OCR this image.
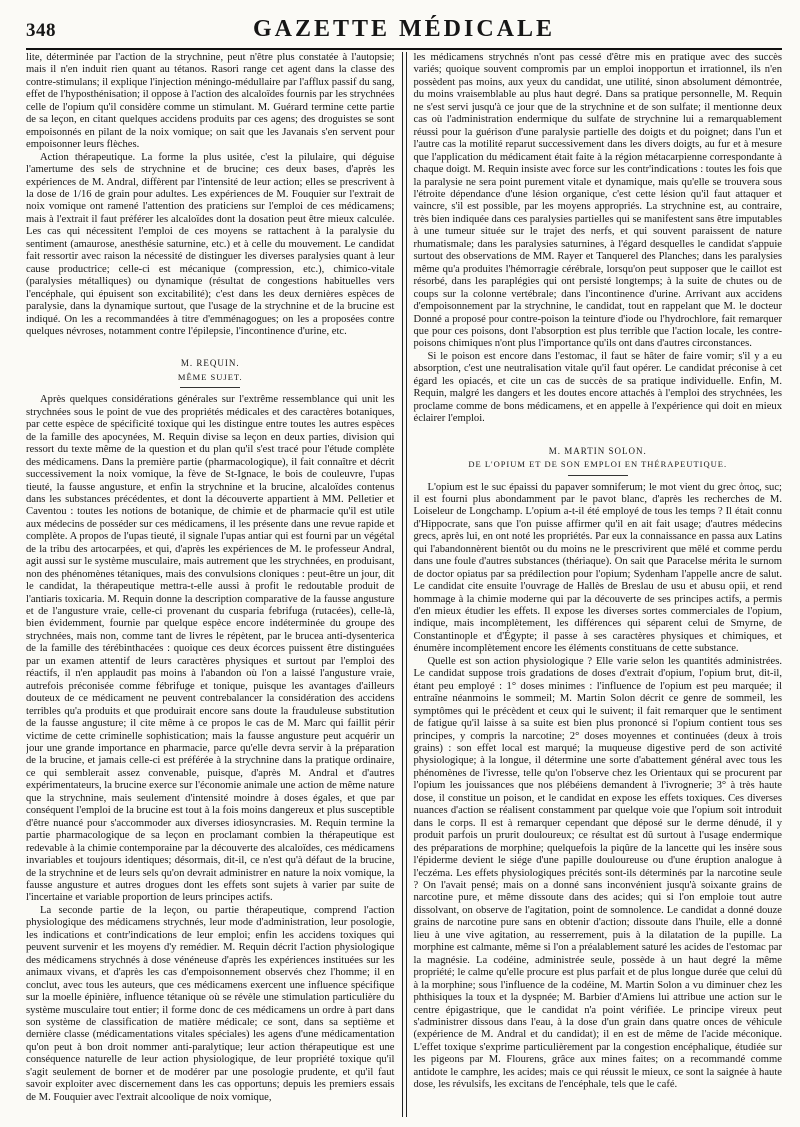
348	GAZETTE MÉDICALE

lite, déterminée par l'action de la strychnine, peut n'être plus constatée à l'autopsie; mais il n'en induit rien quant au tétanos. Rasori range cet agent dans la classe des contre-stimulans; il explique l'injection méningo-médullaire par l'afflux passif du sang, effet de l'hyposthénisation; il oppose à l'action des alcaloïdes fournis par les strychnées celle de l'opium qu'il considère comme un stimulant. M. Guérard termine cette partie de sa leçon, en citant quelques accidens produits par ces agens; des droguistes se sont empoisonnés en pilant de la noix vomique; on sait que les Javanais s'en servent pour empoisonner leurs flèches.

Action thérapeutique. La forme la plus usitée, c'est la pilulaire, qui déguise l'amertume des sels de strychnine et de brucine; ces deux bases, d'après les expériences de M. Andral, diffèrent par l'intensité de leur action; elles se prescrivent à la dose de 1/16 de grain pour adultes. Les expériences de M. Fouquier sur l'extrait de noix vomique ont ramené l'attention des praticiens sur l'emploi de ces médicamens; mais à l'extrait il faut préférer les alcaloïdes dont la dosation peut être mieux calculée. Les cas qui nécessitent l'emploi de ces moyens se rattachent à la paralysie du sentiment (amaurose, anesthésie saturnine, etc.) et à celle du mouvement. Le candidat fait ressortir avec raison la nécessité de distinguer les diverses paralysies quant à leur cause productrice; celle-ci est mécanique (compression, etc.), chimico-vitale (paralysies métalliques) ou dynamique (résultat de congestions habituelles vers l'encéphale, qui épuisent son excitabilité); c'est dans les deux dernières espèces de paralysie, dans la dynamique surtout, que l'usage de la strychnine et de la brucine est indiqué. On les a recommandées à titre d'emménagogues; on les a proposées contre quelques névroses, notamment contre l'épilepsie, l'incontinence d'urine, etc.

M. REQUIN.
MÊME SUJET.

Après quelques considérations générales sur l'extrême ressemblance qui unit les strychnées sous le point de vue des propriétés médicales et des caractères botaniques, par cette espèce de spécificité toxique qui les distingue entre toutes les autres espèces de la famille des apocynées, M. Requin divise sa leçon en deux parties, division qui ressort du texte même de la question et du plan qu'il s'est tracé pour l'étude complète des médicamens. Dans la première partie (pharmacologique), il fait connaître et décrit successivement la noix vomique, la fève de St-Ignace, le bois de couleuvre, l'upas tieuté, la fausse angusture, et enfin la strychnine et la brucine, alcaloïdes contenus dans les substances précédentes, et dont la découverte appartient à MM. Pelletier et Caventou : toutes les notions de botanique, de chimie et de pharmacie qu'il est utile aux médecins de posséder sur ces médicamens, il les présente dans une revue rapide et complète. A propos de l'upas tieuté, il signale l'upas antiar qui est fourni par un végétal de la tribu des artocarpées, et qui, d'après les expériences de M. le professeur Andral, agit aussi sur le système musculaire, mais autrement que les strychnées, en produisant, non des phénomènes tétaniques, mais des convulsions cloniques : peut-être un jour, dit le candidat, la thérapeutique mettra-t-elle aussi à profit le redoutable produit de l'antiaris toxicaria. M. Requin donne la description comparative de la fausse angusture et de l'angusture vraie, celle-ci provenant du cusparia febrifuga (rutacées), celle-là, bien évidemment, fournie par quelque espèce encore indéterminée du groupe des strychnées, mais non, comme tant de livres le répètent, par le brucea anti-dysenterica de la famille des térébinthacées : quoique ces deux écorces puissent être distinguées par un examen attentif de leurs caractères physiques et surtout par l'emploi des réactifs, il n'en applaudit pas moins à l'abandon où l'on a laissé l'angusture vraie, autrefois préconisée comme fébrifuge et tonique, puisque les avantages d'ailleurs douteux de ce médicament ne peuvent contrebalancer la considération des accidens terribles qu'a produits et que produirait encore sans doute la frauduleuse substitution de la fausse angusture; il cite même à ce propos le cas de M. Marc qui faillit périr victime de cette criminelle sophistication; mais la fausse angusture peut acquérir un jour une grande importance en pharmacie, parce qu'elle devra servir à la préparation de la brucine, et jamais celle-ci est préférée à la strychnine dans la pratique ordinaire, ce qui semblerait assez convenable, puisque, d'après M. Andral et d'autres expérimentateurs, la brucine exerce sur l'économie animale une action de même nature que la strychnine, mais seulement d'intensité moindre à doses égales, et que par conséquent l'emploi de la brucine est tout à la fois moins dangereux et plus susceptible d'être nuancé pour s'accommoder aux diverses idiosyncrasies. M. Requin termine la partie pharmacologique de sa leçon en proclamant combien la thérapeutique est redevable à la chimie contemporaine par la découverte des alcaloïdes, ces médicamens invariables et toujours identiques; désormais, dit-il, ce n'est qu'à défaut de la brucine, de la strychnine et de leurs sels qu'on devrait administrer en nature la noix vomique, la fausse angusture et autres drogues dont les effets sont sujets à varier par suite de l'incertaine et variable proportion de leurs principes actifs.

La seconde partie de la leçon, ou partie thérapeutique, comprend l'action physiologique des médicamens strychnés, leur mode d'administration, leur posologie, les indications et contr'indications de leur emploi; enfin les accidens toxiques qui peuvent survenir et les moyens d'y remédier. M. Requin décrit l'action physiologique des médicamens strychnés à dose vénéneuse d'après les expériences instituées sur les animaux vivans, et d'après les cas d'empoisonnement observés chez l'homme; il en conclut, avec tous les auteurs, que ces médicamens exercent une influence spécifique sur la moelle épinière, influence tétanique où se révèle une stimulation particulière du système musculaire tout entier; il forme donc de ces médicamens un ordre à part dans son système de classification de matière médicale; ce sont, dans sa septième et dernière classe (médicamentations vitales spéciales) les agens d'une médicamentation qu'on peut à bon droit nommer anti-paralytique; leur action thérapeutique est une conséquence naturelle de leur action physiologique, de leur propriété toxique qu'il s'agit seulement de borner et de modérer par une posologie prudente, et qu'il faut savoir exploiter avec discernement dans les cas opportuns; depuis les premiers essais de M. Fouquier avec l'extrait alcoolique de noix vomique,

les médicamens strychnés n'ont pas cessé d'être mis en pratique avec des succès variés; quoique souvent compromis par un emploi inopportun et irrationnel, ils n'en possèdent pas moins, aux yeux du candidat, une utilité, sinon absolument démontrée, du moins vraisemblable au plus haut degré. Dans sa pratique personnelle, M. Requin ne s'est servi jusqu'à ce jour que de la strychnine et de son sulfate; il mentionne deux cas où l'administration endermique du sulfate de strychnine lui a remarquablement réussi pour la guérison d'une paralysie partielle des doigts et du poignet; dans l'un et l'autre cas la motilité reparut successivement dans les divers doigts, au fur et à mesure que l'application du médicament était faite à la région métacarpienne correspondante à chaque doigt. M. Requin insiste avec force sur les contr'indications : toutes les fois que la paralysie ne sera point purement vitale et dynamique, mais qu'elle se trouvera sous l'étroite dépendance d'une lésion organique, c'est cette lésion qu'il faut attaquer et vaincre, s'il est possible, par les moyens appropriés. La strychnine est, au contraire, très bien indiquée dans ces paralysies partielles qui se manifestent sans être imputables à une tumeur située sur le trajet des nerfs, et qui souvent paraissent de nature rhumatismale; dans les paralysies saturnines, à l'égard desquelles le candidat s'appuie surtout des observations de MM. Rayer et Tanquerel des Planches; dans les paralysies même qu'a produites l'hémorragie cérébrale, lorsqu'on peut supposer que le caillot est résorbé, dans les paraplégies qui ont persisté longtemps; à la suite de chutes ou de coups sur la colonne vertébrale; dans l'incontinence d'urine. Arrivant aux accidens d'empoisonnement par la strychnine, le candidat, tout en rappelant que M. le docteur Donné a proposé pour contre-poison la teinture d'iode ou l'hydrochlore, fait remarquer que pour ces poisons, dont l'absorption est plus terrible que l'action locale, les contre-poisons chimiques n'ont plus l'importance qu'ils ont dans d'autres circonstances.

Si le poison est encore dans l'estomac, il faut se hâter de faire vomir; s'il y a eu absorption, c'est une neutralisation vitale qu'il faut opérer. Le candidat préconise à cet égard les opiacés, et cite un cas de succès de sa pratique individuelle. Enfin, M. Requin, malgré les dangers et les doutes encore attachés à l'emploi des strychnées, les proclame comme de bons médicamens, et en appelle à l'expérience qui doit en mieux éclairer l'emploi.

M. MARTIN SOLON.
DE L'OPIUM ET DE SON EMPLOI EN THÉRAPEUTIQUE.

L'opium est le suc épaissi du papaver somniferum; le mot vient du grec ὀπος, suc; il est fourni plus abondamment par le pavot blanc, d'après les recherches de M. Loiseleur de Longchamp. L'opium a-t-il été employé de tous les temps ? Il était connu d'Hippocrate, sans que l'on puisse affirmer qu'il en ait fait usage; d'autres médecins grecs, après lui, en ont noté les propriétés. Par eux la connaissance en passa aux Latins qui l'abandonnèrent bientôt ou du moins ne le prescrivirent que mêlé et comme perdu dans une foule d'autres substances (thériaque). On sait que Paracelse mérita le surnom de doctor opiatus par sa prédilection pour l'opium; Sydenham l'appelle ancre de salut. Le candidat cite ensuite l'ouvrage de Hallès de Breslau de usu et abusu opii, et rend hommage à la chimie moderne qui par la découverte de ses principes actifs, a permis d'en mieux étudier les effets. Il expose les diverses sortes commerciales de l'opium, indique, mais incomplètement, les différences qui séparent celui de Smyrne, de Constantinople et d'Égypte; il passe à ses caractères physiques et chimiques, et énumère incomplètement encore les éléments constituans de cette substance.

Quelle est son action physiologique ? Elle varie selon les quantités administrées. Le candidat suppose trois gradations de doses d'extrait d'opium, l'opium brut, dit-il, étant peu employé : 1° doses minimes : l'influence de l'opium est peu marquée; il entraîne néanmoins le sommeil; M. Martin Solon décrit ce genre de sommeil, les symptômes qui le précèdent et ceux qui le suivent; il fait remarquer que le sentiment de fatigue qu'il laisse à sa suite est bien plus prononcé si l'opium contient tous ses principes, y compris la narcotine; 2° doses moyennes et continuées (deux à trois grains) : son effet local est marqué; la muqueuse digestive perd de son activité physiologique; à la longue, il détermine une sorte d'abattement général avec tous les phénomènes de l'ivresse, telle qu'on l'observe chez les Orientaux qui se procurent par l'opium les jouissances que nos plébéiens demandent à l'ivrognerie; 3° à très haute dose, il constitue un poison, et le candidat en expose les effets toxiques. Ces diverses nuances d'action se réalisent constamment par quelque voie que l'opium soit introduit dans le corps. Il est à remarquer cependant que déposé sur le derme dénudé, il y produit parfois un prurit douloureux; ce résultat est dû surtout à l'usage endermique des préparations de morphine; quelquefois la piqûre de la lancette qui les insère sous l'épiderme devient le siége d'une papille douloureuse ou d'une éruption analogue à l'eczéma. Les effets physiologiques précités sont-ils déterminés par la narcotine seule ? On l'avait pensé; mais on a donné sans inconvénient jusqu'à soixante grains de narcotine pure, et même dissoute dans des acides; qui si l'on emploie tout autre dissolvant, on observe de l'agitation, point de somnolence. Le candidat a donné douze grains de narcotine pure sans en obtenir d'action; dissoute dans l'huile, elle a donné lieu à une vive agitation, au resserrement, puis à la dilatation de la pupille. La morphine est calmante, même si l'on a préalablement saturé les acides de l'estomac par la magnésie. La codéine, administrée seule, possède à un haut degré la même propriété; le calme qu'elle procure est plus parfait et de plus longue durée que celui dû à la morphine; sous l'influence de la codéine, M. Martin Solon a vu diminuer chez les phthisiques la toux et la dyspnée; M. Barbier d'Amiens lui attribue une action sur le centre épigastrique, que le candidat n'a point vérifiée. Le principe vireux peut s'administrer dissous dans l'eau, à la dose d'un grain dans quatre onces de véhicule (expérience de M. Andral et du candidat); il en est de même de l'acide méconique. L'effet toxique s'exprime particulièrement par la congestion encéphalique, étudiée sur les pigeons par M. Flourens, grâce aux mines faites; on a recommandé comme antidote le camphre, les acides; mais ce qui réussit le mieux, ce sont la saignée à haute dose, les révulsifs, les excitans de l'encéphale, tels que le café.
